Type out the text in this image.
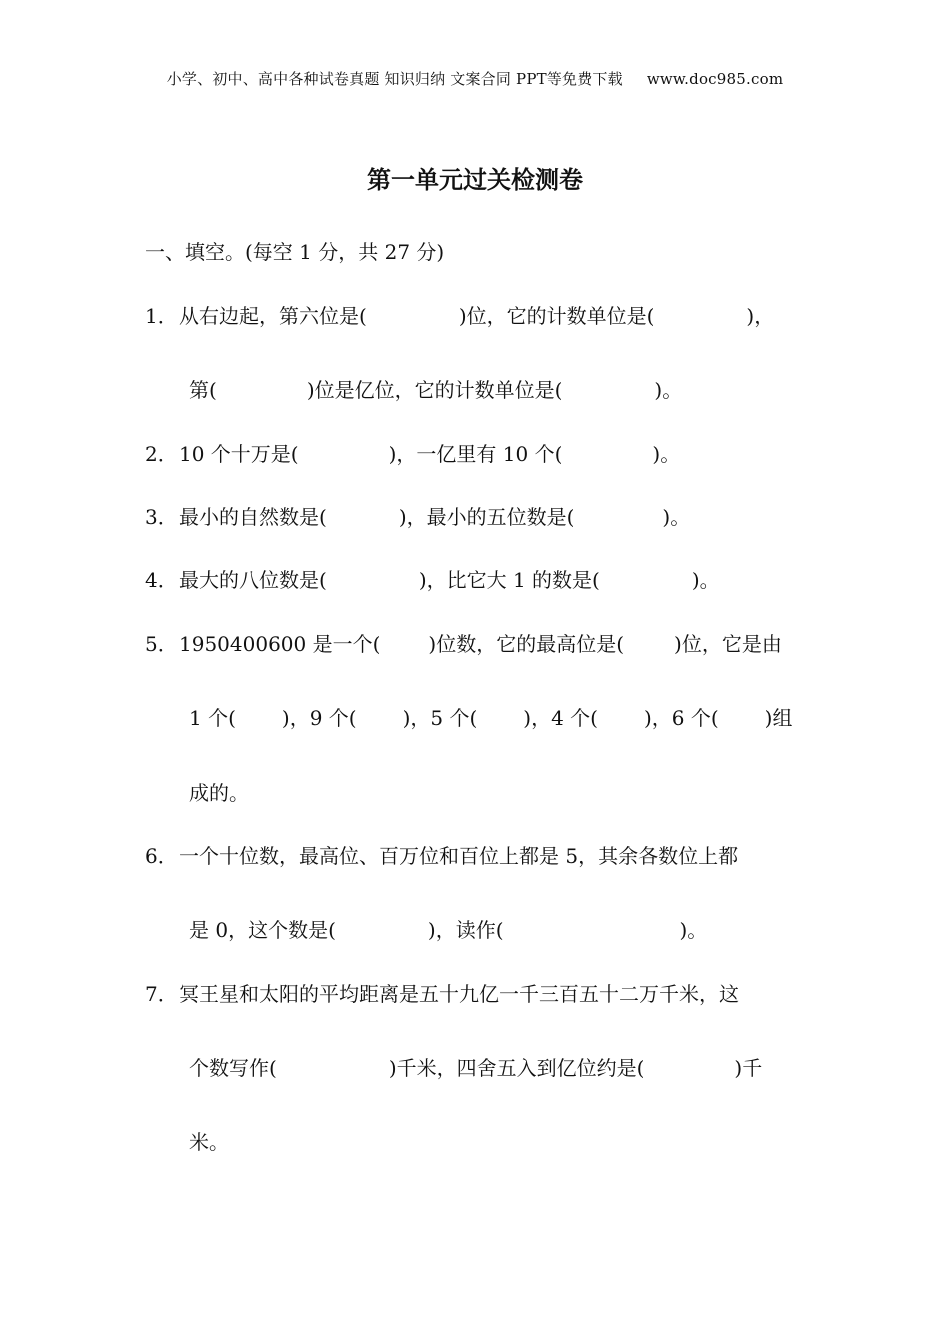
小学、初中、高中各种试卷真题 知识归纳 文案合同 PPT等免费下载 www.doc985.com
第一单元过关检测卷
一、填空。(每空 1 分，共 27 分)
1．从右边起，第六位是(	)位，它的计数单位是(	)，
第(	)位是亿位，它的计数单位是(	)。
2．10 个十万是(	)，一亿里有 10 个(	)。
3．最小的自然数是(	)，最小的五位数是(	)。
4．最大的八位数是(	)，比它大 1 的数是(	)。
5．1950400600 是一个( )位数，它的最高位是(	)位，它是由
1 个( )，9 个( )，5 个( )，4 个( )，6 个( )组
成的。
6．一个十位数，最高位、百万位和百位上都是 5，其余各数位上都
是 0，这个数是(	)，读作(	)。
7．冥王星和太阳的平均距离是五十九亿一千三百五十二万千米，这
个数写作(	)千米，四舍五入到亿位约是(	)千
米。
